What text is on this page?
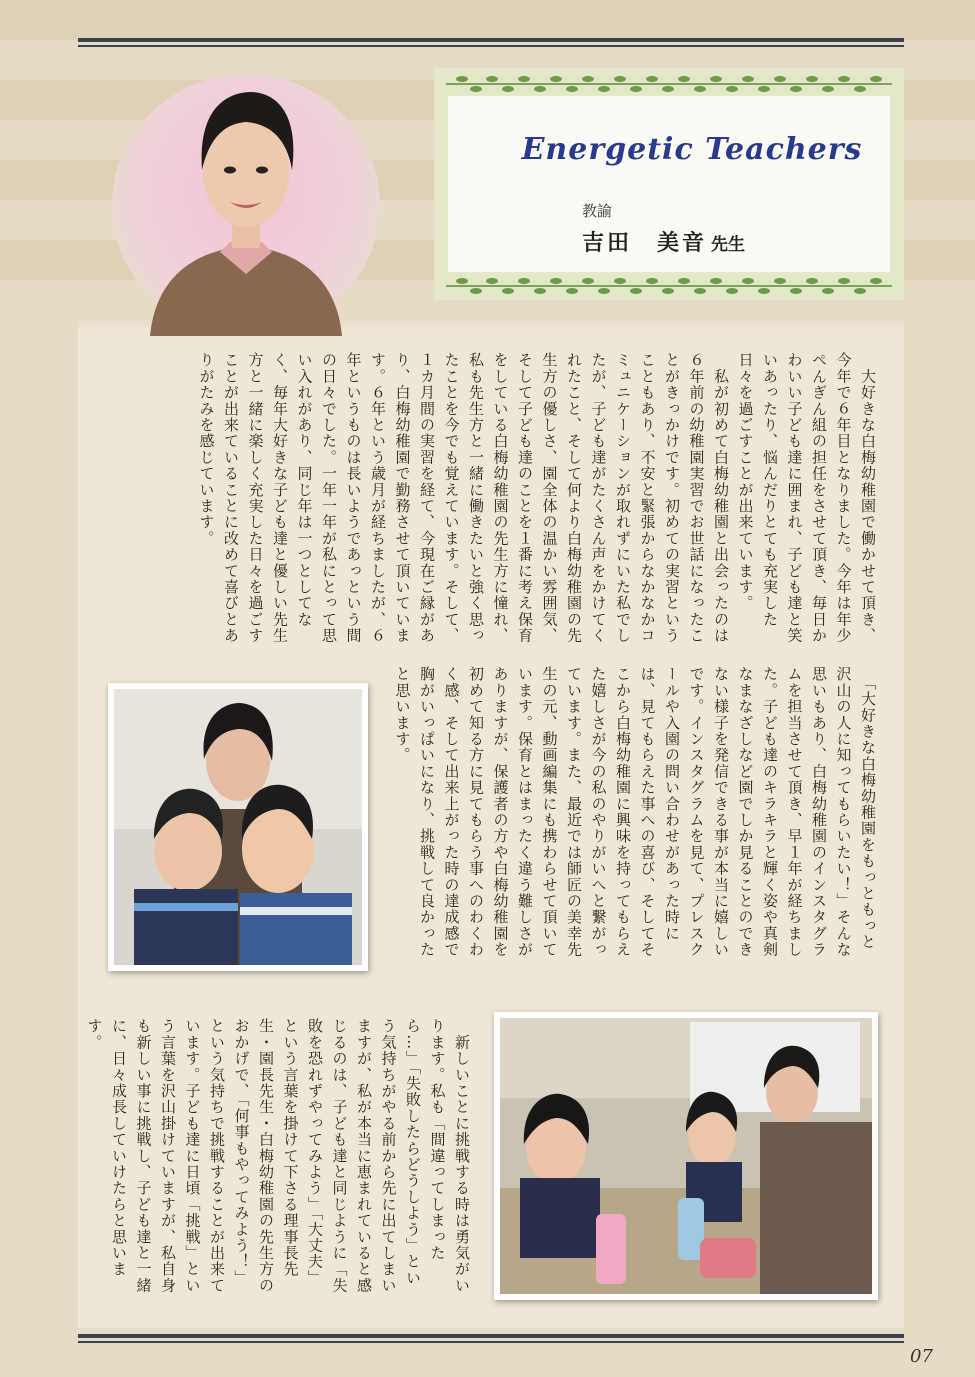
Energetic Teachers
教諭
吉田　美音 先生

　大好きな白梅幼稚園で働かせて頂き、今年で６年目となりました。今年は年少ぺんぎん組の担任をさせて頂き、毎日かわいい子ども達に囲まれ、子ども達と笑いあったり、悩んだりとても充実した日々を過ごすことが出来ています。

　私が初めて白梅幼稚園と出会ったのは６年前の幼稚園実習でお世話になったことがきっかけです。初めての実習ということもあり、不安と緊張からなかなかコミュニケーションが取れずにいた私でしたが、子ども達がたくさん声をかけてくれたこと、そして何より白梅幼稚園の先生方の優しさ、園全体の温かい雰囲気、そして子ども達のことを１番に考え保育をしている白梅幼稚園の先生方に憧れ、私も先生方と一緒に働きたいと強く思ったことを今でも覚えています。そして、１カ月間の実習を経て、今現在ご縁があり、白梅幼稚園で勤務させて頂いています。６年という歳月が経ちましたが、６年というものは長いようであっという間の日々でした。一年一年が私にとって思い入れがあり、同じ年は一つとしてなく、毎年大好きな子ども達と優しい先生方と一緒に楽しく充実した日々を過ごすことが出来ていることに改めて喜びとありがたみを感じています。

　「大好きな白梅幼稚園をもっともっと沢山の人に知ってもらいたい！」そんな思いもあり、白梅幼稚園のインスタグラムを担当させて頂き、早１年が経ちました。子ども達のキラキラと輝く姿や真剣なまなざしなど園でしか見ることのできない様子を発信できる事が本当に嬉しいです。インスタグラムを見て、プレスクールや入園の問い合わせがあった時には、見てもらえた事への喜び、そしてそこから白梅幼稚園に興味を持ってもらえた嬉しさが今の私のやりがいへと繋がっています。また、最近では師匠の美幸先生の元、動画編集にも携わらせて頂いています。保育とはまったく違う難しさがありますが、保護者の方や白梅幼稚園を初めて知る方に見てもらう事へのわくわく感、そして出来上がった時の達成感で胸がいっぱいになり、挑戦して良かったと思います。

　新しいことに挑戦する時は勇気がいります。私も「間違ってしまったら…」「失敗したらどうしよう」という気持ちがやる前から先に出てしまいますが、私が本当に恵まれていると感じるのは、子ども達と同じように「失敗を恐れずやってみよう」「大丈夫」という言葉を掛けて下さる理事長先生・園長先生・白梅幼稚園の先生方のおかげで、「何事もやってみよう！」という気持ちで挑戦することが出来ています。子ども達に日頃「挑戦」という言葉を沢山掛けていますが、私自身も新しい事に挑戦し、子ども達と一緒に、日々成長していけたらと思います。

07
